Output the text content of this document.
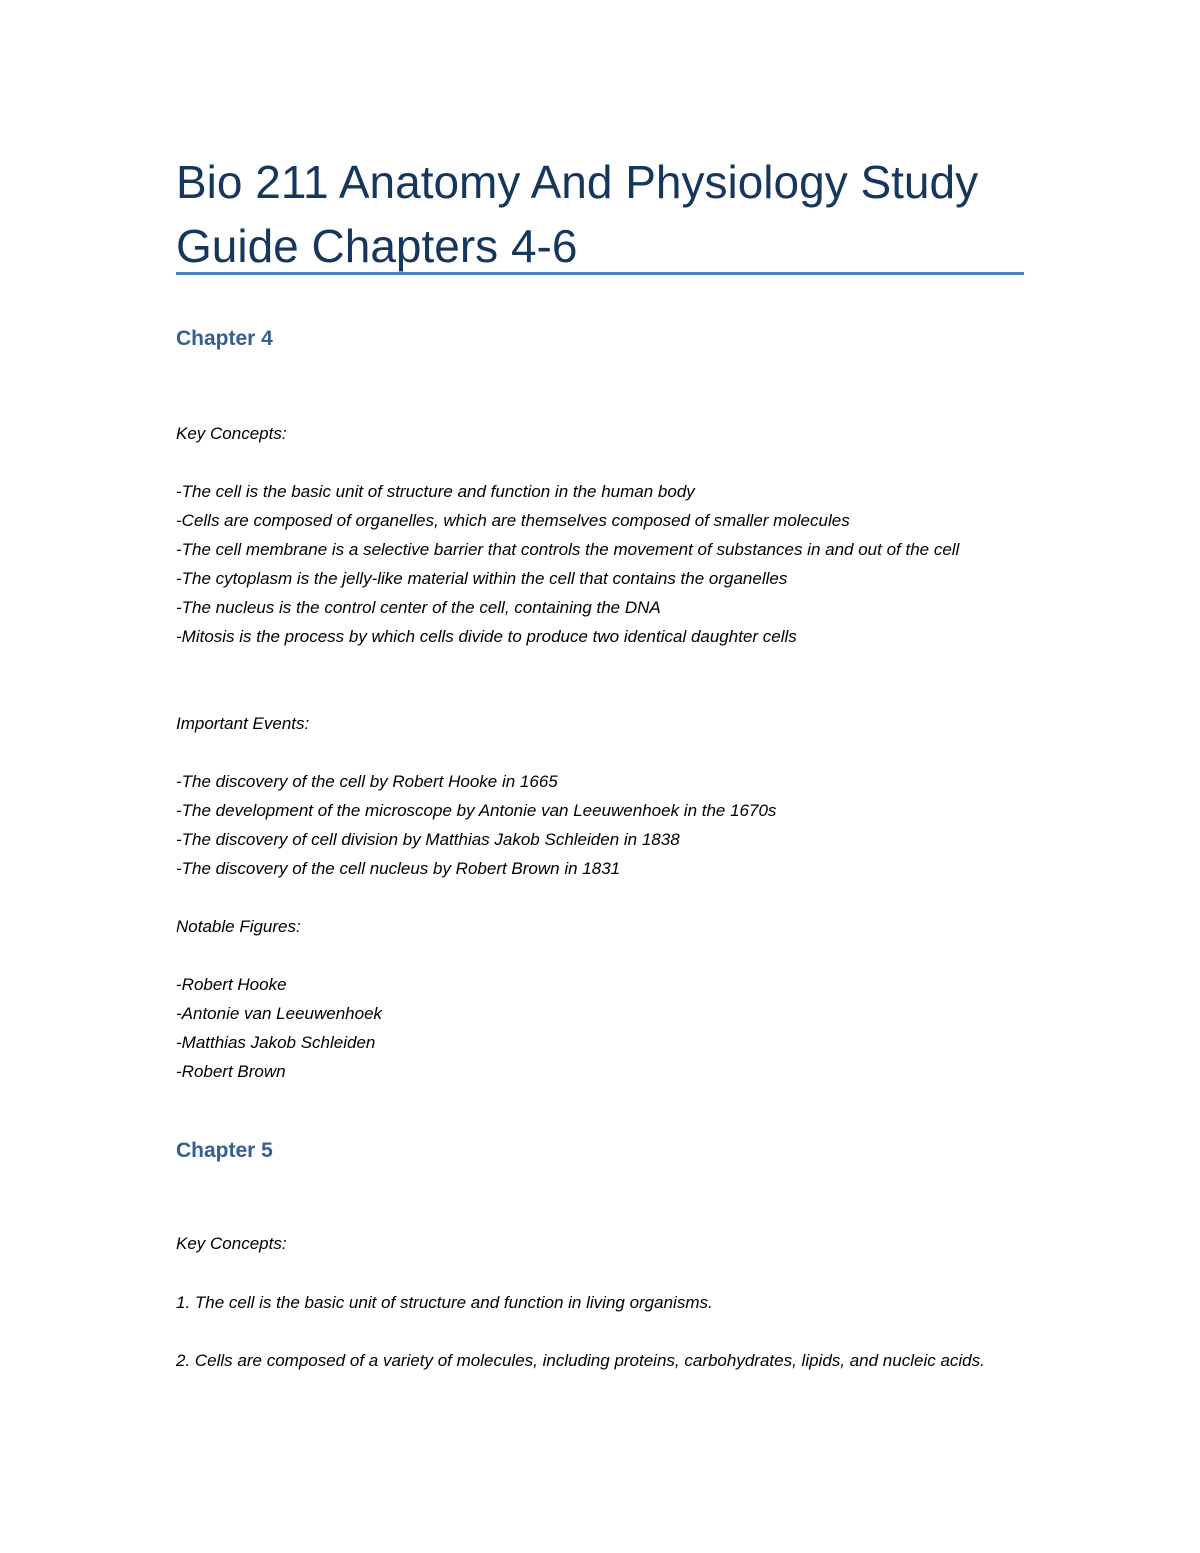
Bio 211 Anatomy And Physiology Study Guide Chapters 4-6
Chapter 4

Key Concepts:

-The cell is the basic unit of structure and function in the human body
-Cells are composed of organelles, which are themselves composed of smaller molecules
-The cell membrane is a selective barrier that controls the movement of substances in and out of the cell
-The cytoplasm is the jelly-like material within the cell that contains the organelles
-The nucleus is the control center of the cell, containing the DNA
-Mitosis is the process by which cells divide to produce two identical daughter cells

Important Events:

-The discovery of the cell by Robert Hooke in 1665
-The development of the microscope by Antonie van Leeuwenhoek in the 1670s
-The discovery of cell division by Matthias Jakob Schleiden in 1838
-The discovery of the cell nucleus by Robert Brown in 1831

Notable Figures:

-Robert Hooke
-Antonie van Leeuwenhoek
-Matthias Jakob Schleiden
-Robert Brown
Chapter 5

Key Concepts:

1. The cell is the basic unit of structure and function in living organisms.

2. Cells are composed of a variety of molecules, including proteins, carbohydrates, lipids, and nucleic acids.
